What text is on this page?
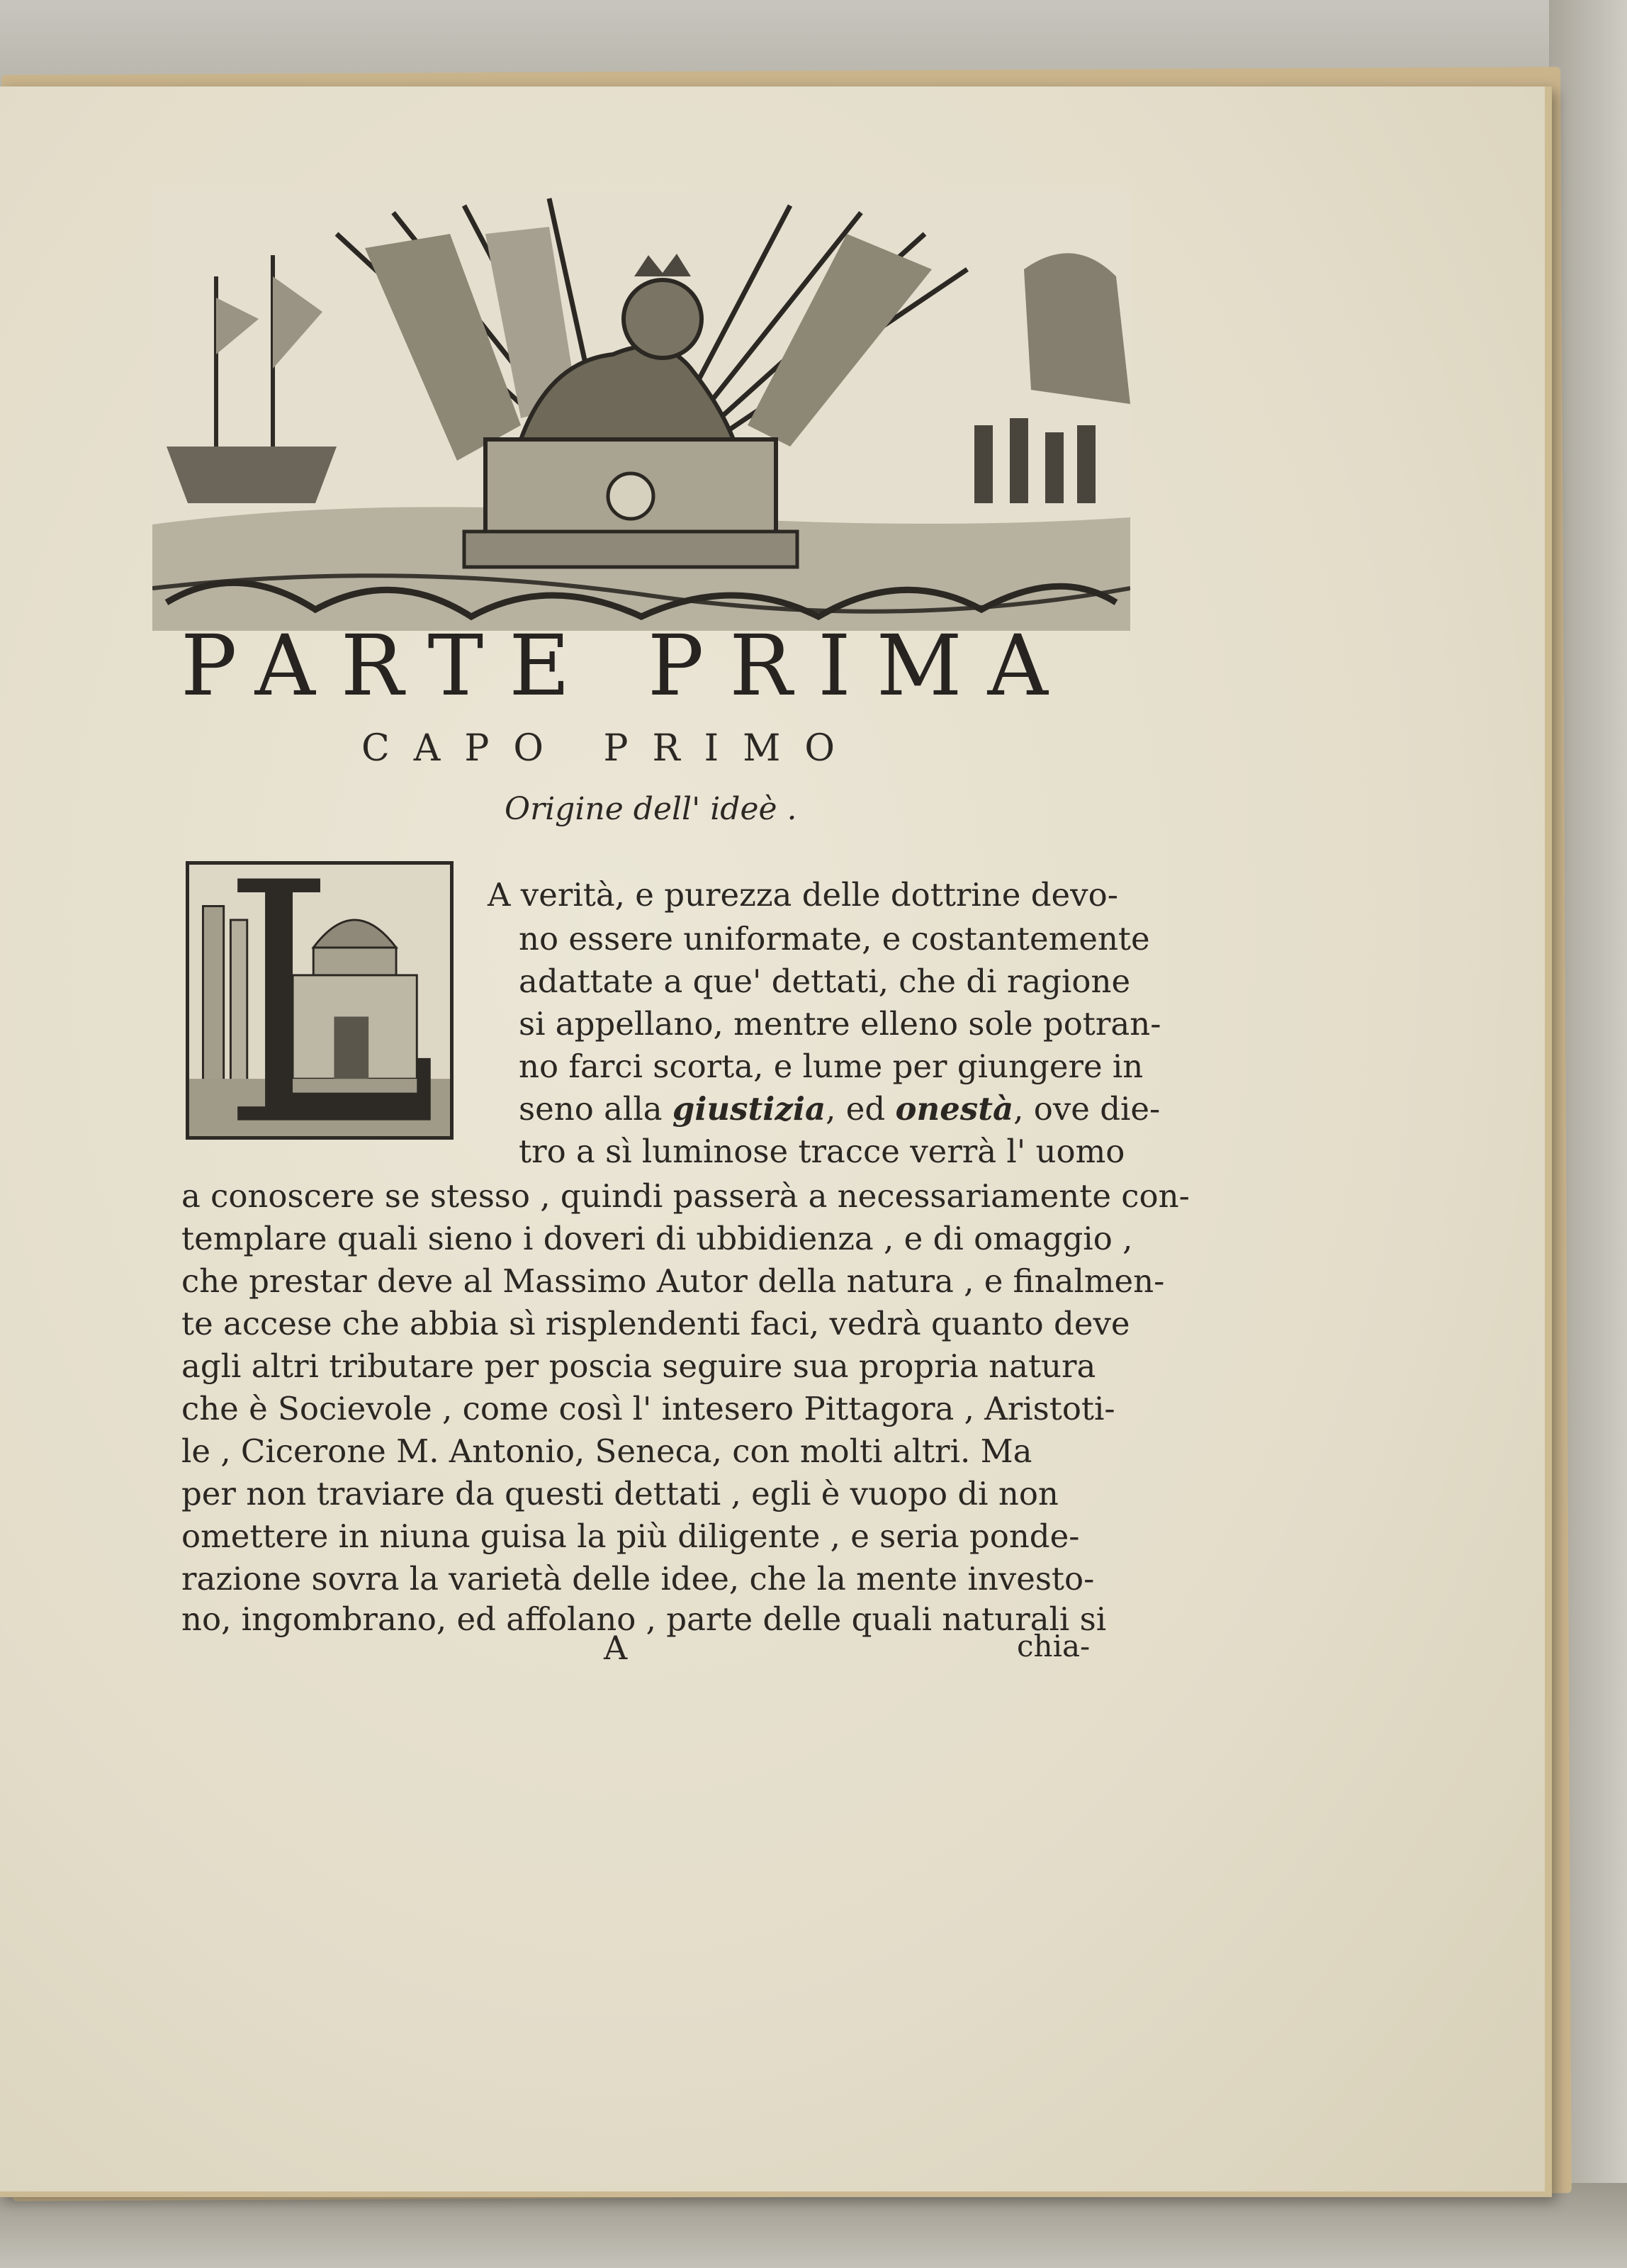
PARTE PRIMA
CAPO PRIMO
Origine dell' ideè .
A verità, e purezza delle dottrine devo-
no essere uniformate, e costantemente
adattate a que' dettati, che di ragione
si appellano, mentre elleno sole potran-
no farci scorta, e lume per giungere in
seno alla giustizia, ed onestà, ove die-
tro a sì luminose tracce verrà l' uomo
a conoscere se stesso , quindi passerà a necessariamente con-
templare quali sieno i doveri di ubbidienza , e di omaggio ,
che prestar deve al Massimo Autor della natura , e finalmen-
te accese che abbia sì risplendenti faci, vedrà quanto deve
agli altri tributare per poscia seguire sua propria natura
che è Socievole , come così l' intesero Pittagora , Aristoti-
le , Cicerone M. Antonio, Seneca, con molti altri. Ma
per non traviare da questi dettati , egli è vuopo di non
omettere in niuna guisa la più diligente , e seria ponde-
razione sovra la varietà delle idee, che la mente investo-
no, ingombrano, ed affolano , parte delle quali naturali si
A	chia-
